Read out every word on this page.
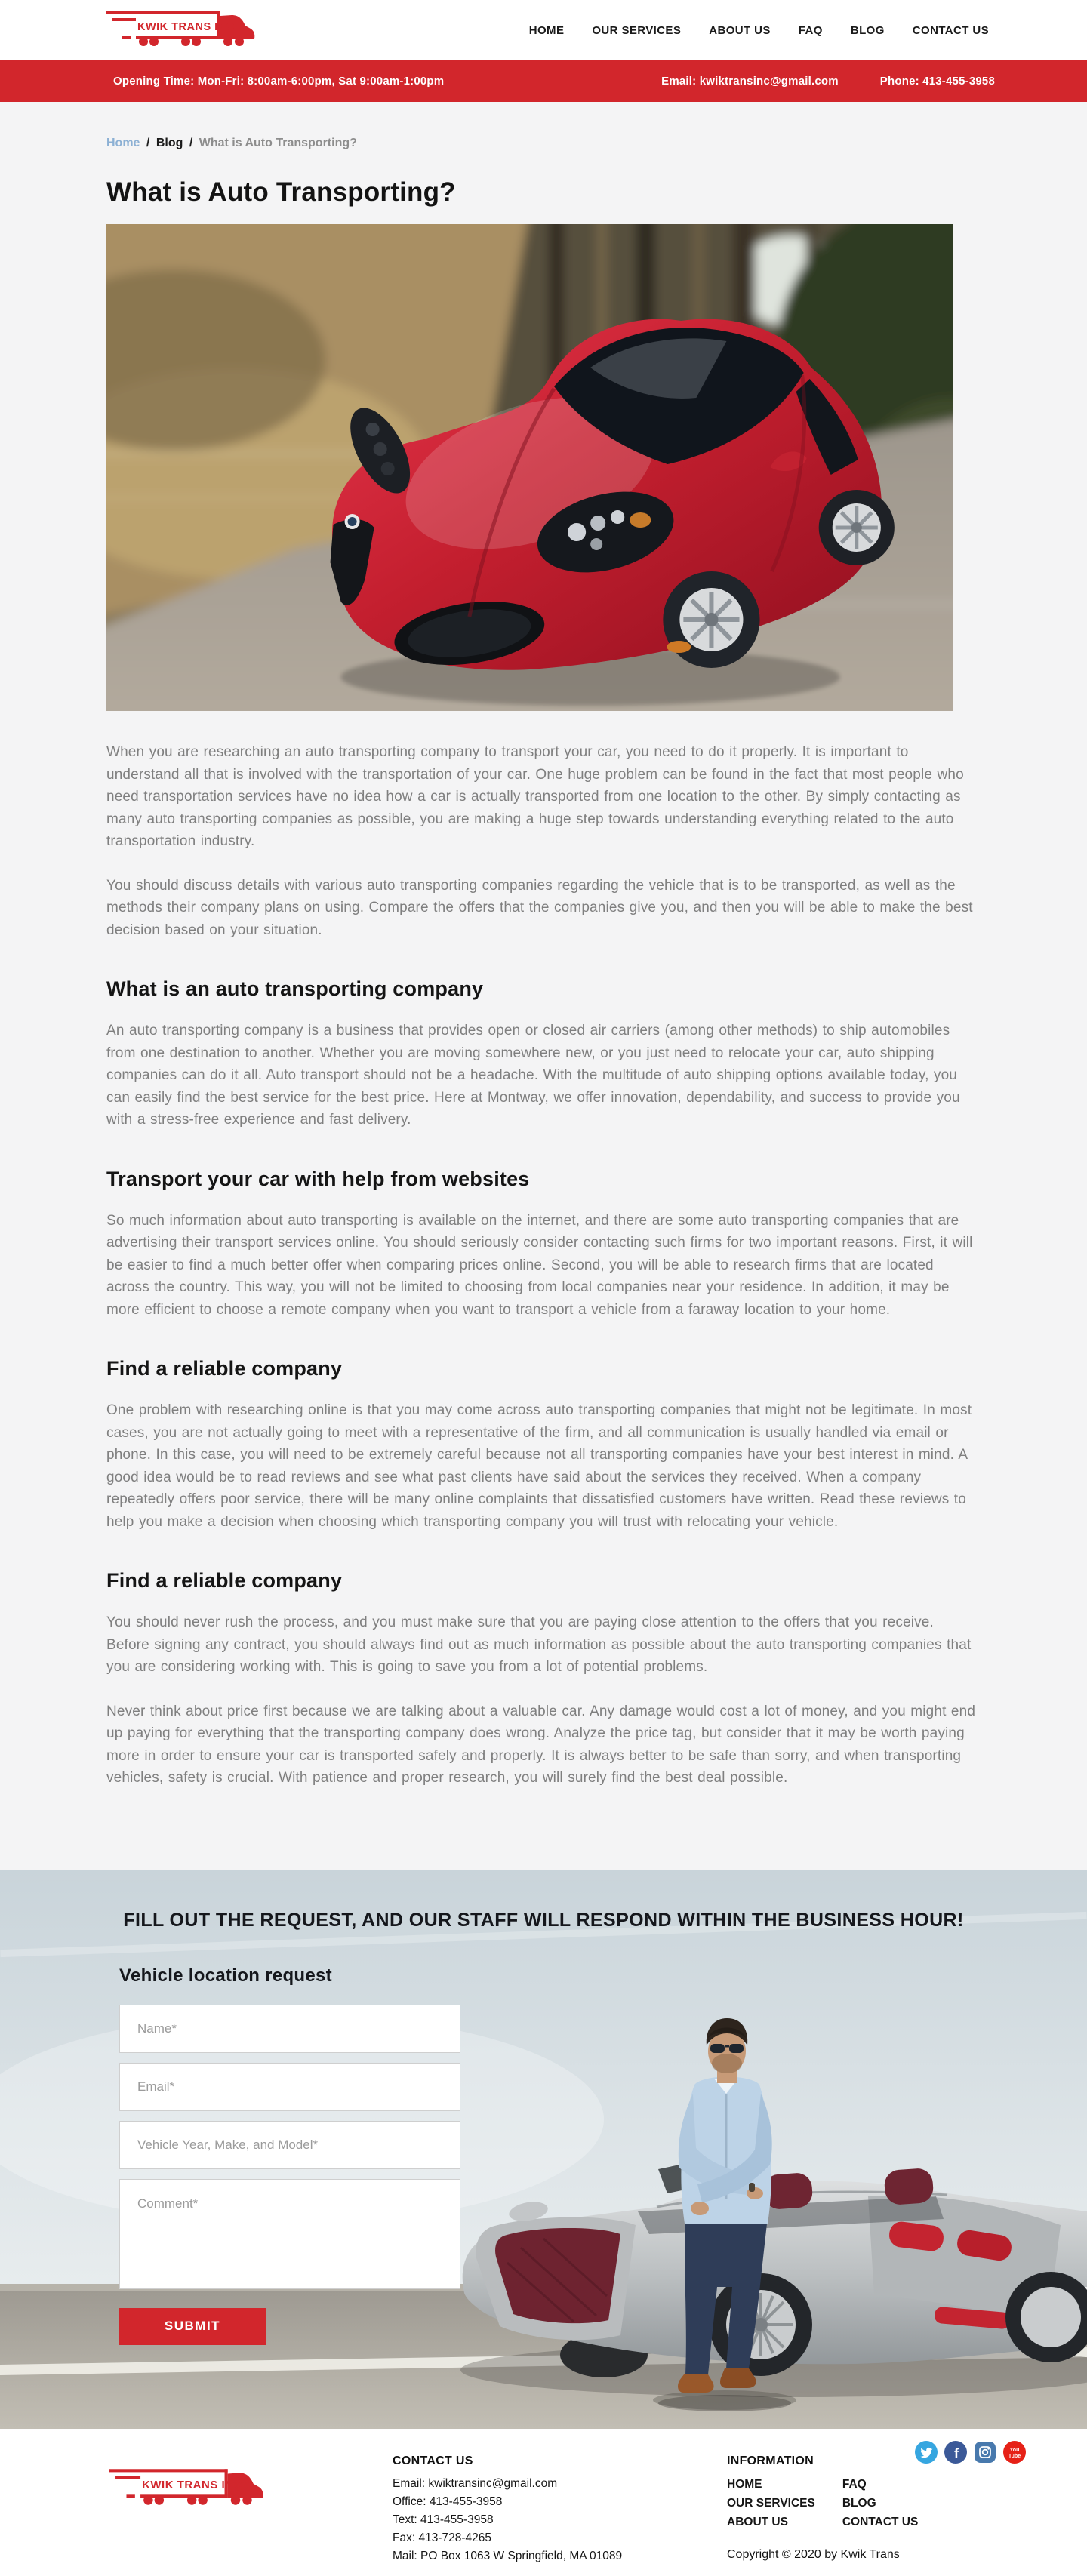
KWIK TRANS INC	HOME OUR SERVICES ABOUT US FAQ BLOG CONTACT US
Opening Time: Mon-Fri: 8:00am-6:00pm, Sat 9:00am-1:00pm	Email: kwiktransinc@gmail.com	Phone: 413-455-3958
Home / Blog / What is Auto Transporting?
What is Auto Transporting?

When you are researching an auto transporting company to transport your car, you need to do it properly. It is important to understand all that is involved with the transportation of your car. One huge problem can be found in the fact that most people who need transportation services have no idea how a car is actually transported from one location to the other. By simply contacting as many auto transporting companies as possible, you are making a huge step towards understanding everything related to the auto transportation industry.

You should discuss details with various auto transporting companies regarding the vehicle that is to be transported, as well as the methods their company plans on using. Compare the offers that the companies give you, and then you will be able to make the best decision based on your situation.

What is an auto transporting company

An auto transporting company is a business that provides open or closed air carriers (among other methods) to ship automobiles from one destination to another. Whether you are moving somewhere new, or you just need to relocate your car, auto shipping companies can do it all. Auto transport should not be a headache. With the multitude of auto shipping options available today, you can easily find the best service for the best price. Here at Montway, we offer innovation, dependability, and success to provide you with a stress-free experience and fast delivery.

Transport your car with help from websites

So much information about auto transporting is available on the internet, and there are some auto transporting companies that are advertising their transport services online. You should seriously consider contacting such firms for two important reasons. First, it will be easier to find a much better offer when comparing prices online. Second, you will be able to research firms that are located across the country. This way, you will not be limited to choosing from local companies near your residence. In addition, it may be more efficient to choose a remote company when you want to transport a vehicle from a faraway location to your home.

Find a reliable company

One problem with researching online is that you may come across auto transporting companies that might not be legitimate. In most cases, you are not actually going to meet with a representative of the firm, and all communication is usually handled via email or phone. In this case, you will need to be extremely careful because not all transporting companies have your best interest in mind. A good idea would be to read reviews and see what past clients have said about the services they received. When a company repeatedly offers poor service, there will be many online complaints that dissatisfied customers have written. Read these reviews to help you make a decision when choosing which transporting company you will trust with relocating your vehicle.

Find a reliable company

You should never rush the process, and you must make sure that you are paying close attention to the offers that you receive. Before signing any contract, you should always find out as much information as possible about the auto transporting companies that you are considering working with. This is going to save you from a lot of potential problems.

Never think about price first because we are talking about a valuable car. Any damage would cost a lot of money, and you might end up paying for everything that the transporting company does wrong. Analyze the price tag, but consider that it may be worth paying more in order to ensure your car is transported safely and properly. It is always better to be safe than sorry, and when transporting vehicles, safety is crucial. With patience and proper research, you will surely find the best deal possible.

FILL OUT THE REQUEST, AND OUR STAFF WILL RESPOND WITHIN THE BUSINESS HOUR!
Vehicle location request
Name*
Email*
Vehicle Year, Make, and Model*
Comment* SUBMIT
KWIK TRANS INC
CONTACT US
Email: kwiktransinc@gmail.com
Office: 413-455-3958
Text: 413-455-3958
Fax: 413-728-4265
Mail: PO Box 1063 W Springfield, MA 01089
INFORMATION
HOME
OUR SERVICES
ABOUT US
FAQ
BLOG
CONTACT US
f	You
Tube
Copyright © 2020 by Kwik Trans
